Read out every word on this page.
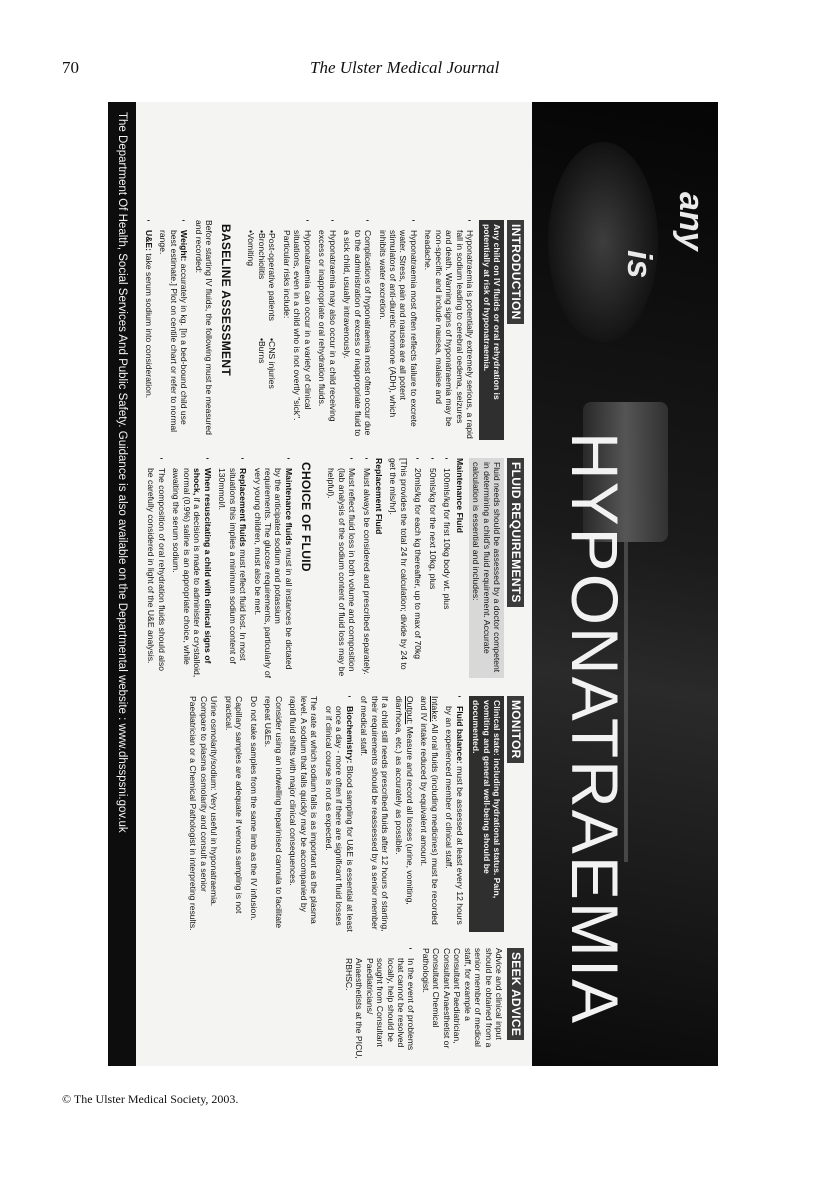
70	The Ulster Medical Journal
any
is
HYPONATRAEMIA
INTRODUCTION
Any child on IV fluids or oral rehydration is potentially at risk of hyponatraemia.
• Hyponatraemia is potentially extremely serious, a rapid fall in sodium leading to cerebral oedema, seizures and death. Warning signs of hyponatraemia may be non-specific and include nausea, malaise and headache.
• Hyponatraemia most often reflects failure to excrete water. Stress, pain and nausea are all potent stimulators of anti-diuretic hormone (ADH), which inhibits water excretion.
• Complications of hyponatraemia most often occur due to the administration of excess or inappropriate fluid to a sick child, usually intravenously.
• Hyponatraemia may also occur in a child receiving excess or inappropriate oral rehydration fluids.
• Hyponatraemia can occur in a variety of clinical situations, even in a child who is not overtly "sick". Particular risks include:
• Post-operative patients
• CNS injuries
• Bronchiolitis
• Burns
• Vomiting
BASELINE ASSESSMENT

Before starting IV fluids, the following must be measured and recorded:

• Weight: accurately in kg. [In a bed-bound child use best estimate.] Plot on centile chart or refer to normal range.
• U&E: take serum sodium into consideration.
FLUID REQUIREMENTS
Fluid needs should be assessed by a doctor competent in determining a child's fluid requirement. Accurate calculation is essential and includes:
Maintenance Fluid
• 100mls/kg for first 10kg body wt. plus
• 50mls/kg for the next 10kg, plus
• 20mls/kg for each kg thereafter, up to max of 70kg

[This provides the total 24 hr calculation; divide by 24 to get the mls/hr].

Replacement Fluid
• Must always be considered and prescribed separately.
• Must reflect fluid loss in both volume and composition (lab analysis of the sodium content of fluid loss may be helpful).
CHOICE OF FLUID
• Maintenance fluids must in all instances be dictated by the anticipated sodium and potassium requirements. The glucose requirements, particularly of very young children, must also be met.
• Replacement fluids must reflect fluid lost. In most situations this implies a minimum sodium content of 130mmol/l.
• When resuscitating a child with clinical signs of shock, if a decision is made to administer a crystalloid, normal (0.9%) saline is an appropriate choice, while awaiting the serum sodium.
• The composition of oral rehydration fluids should also be carefully considered in light of the U&E analysis.

MONITOR
Clinical state: including hydrational status. Pain, vomiting and general well-being should be documented.
• Fluid balance: must be assessed at least every 12 hours by an experienced member of clinical staff.

Intake: All oral fluids (including medicines) must be recorded and IV intake reduced by equivalent amount.

Output: Measure and record all losses (urine, vomiting, diarrhoea, etc.) as accurately as possible.

If a child still needs prescribed fluids after 12 hours of starting, their requirements should be reassessed by a senior member of medical staff.

• Biochemistry: Blood sampling for U&E is essential at least once a day - more often if there are significant fluid losses or if clinical course is not as expected.

The rate at which sodium falls is as important as the plasma level. A sodium that falls quickly may be accompanied by rapid fluid shifts with major clinical consequences.

Consider using an indwelling heparinised cannula to facilitate repeat U&Es.

Do not take samples from the same limb as the IV infusion.

Capillary samples are adequate if venous sampling is not practical.

Urine osmolarity/sodium: Very useful in hyponatraemia. Compare to plasma osmolarity and consult a senior Paediatrician or a Chemical Pathologist in interpreting results.

SEEK ADVICE

Advice and clinical input should be obtained from a senior member of medical staff, for example a Consultant Paediatrician, Consultant Anaesthetist or Consultant Chemical Pathologist.

• In the event of problems that cannot be resolved locally, help should be sought from Consultant Paediatricians/ Anaesthetists at the PICU, RBHSC.
The Department Of Health, Social Services And Public Safety. Guidance is also available on the Departmental website : www.dhsspsni.gov.uk
© The Ulster Medical Society, 2003.
